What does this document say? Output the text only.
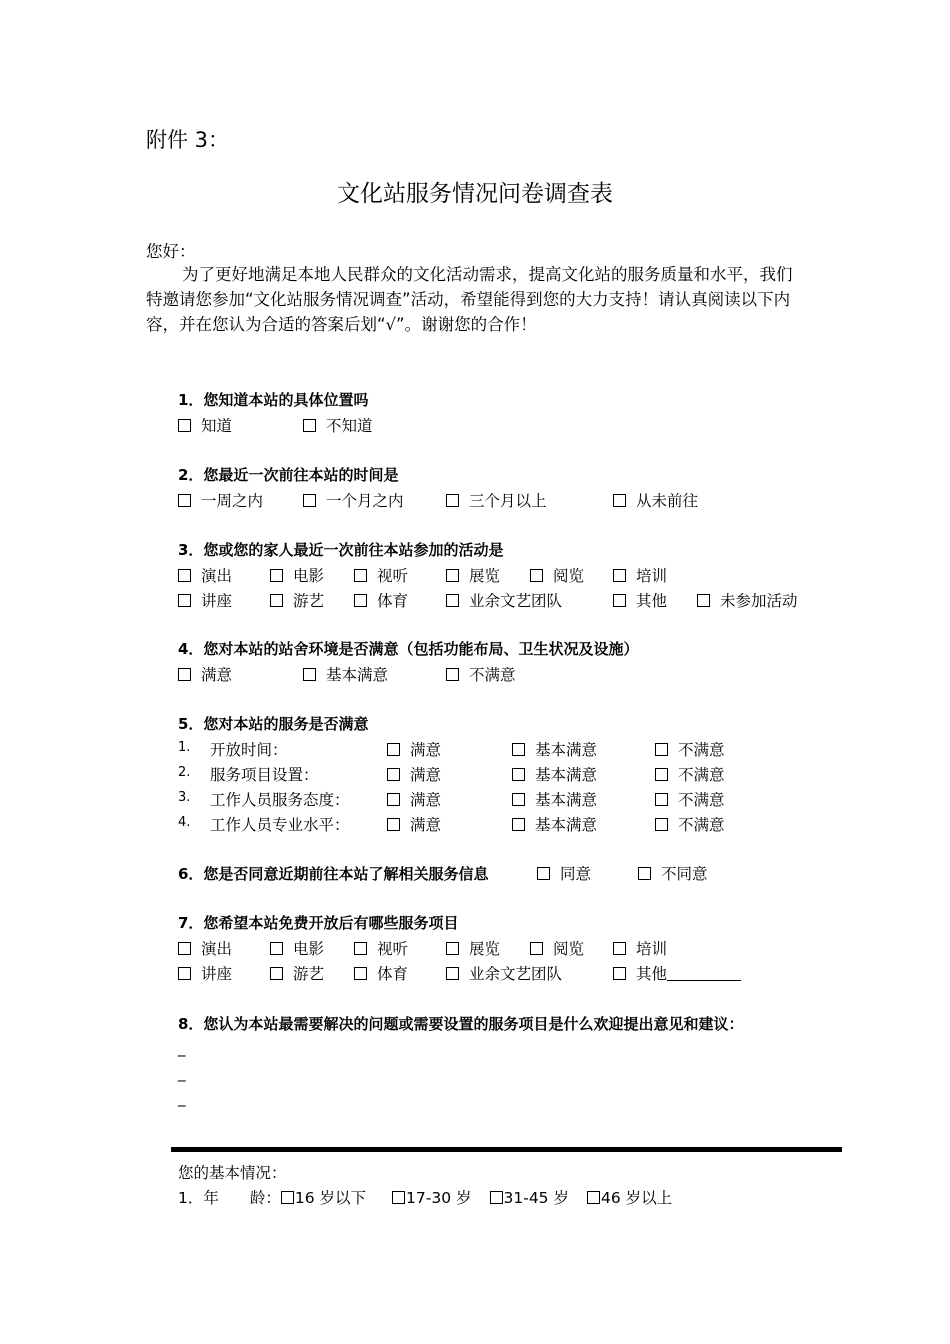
附件 3：
文化站服务情况问卷调查表
您好：

为了更好地满足本地人民群众的文化活动需求，提高文化站的服务质量和水平，我们特邀请您参加“文化站服务情况调查”活动，希望能得到您的大力支持！请认真阅读以下内容，并在您认为合适的答案后划“√”。谢谢您的合作！

1．您知道本站的具体位置吗
知道	不知道
2．您最近一次前往本站的时间是
一周之内	一个月之内	三个月以上	从未前往
3．您或您的家人最近一次前往本站参加的活动是
演出	电影	视听	展览	阅览	培训
讲座	游艺	体育	业余文艺团队	其他	未参加活动
4．您对本站的站舍环境是否满意（包括功能布局、卫生状况及设施）
满意	基本满意	不满意
5．您对本站的服务是否满意
1. 开放时间：	满意	基本满意	不满意
2. 服务项目设置：	满意	基本满意	不满意
3. 工作人员服务态度：	满意	基本满意	不满意
4. 工作人员专业水平：	满意	基本满意	不满意
6．您是否同意近期前往本站了解相关服务信息	同意	不同意
7．您希望本站免费开放后有哪些服务项目
演出	电影	视听	展览	阅览	培训
讲座	游艺	体育	业余文艺团队	其他
8．您认为本站最需要解决的问题或需要设置的服务项目是什么欢迎提出意见和建议：
_
_
_
您的基本情况：
1．年　　龄： 16 岁以下	17-30 岁 31-45 岁 46 岁以上
